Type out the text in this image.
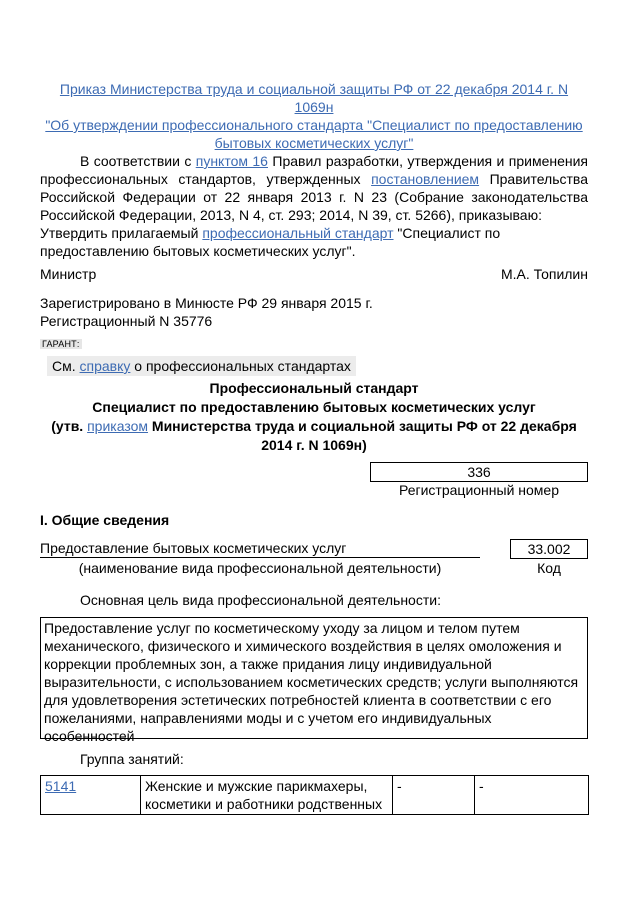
Приказ Министерства труда и социальной защиты РФ от 22 декабря 2014 г. N 1069н
"Об утверждении профессионального стандарта "Специалист по предоставлению
бытовых косметических услуг"
В соответствии с пунктом 16 Правил разработки, утверждения и применения профессиональных стандартов, утвержденных постановлением Правительства Российской Федерации от 22 января 2013 г. N 23 (Собрание законодательства Российской Федерации, 2013, N 4, ст. 293; 2014, N 39, ст. 5266), приказываю:
Утвердить прилагаемый профессиональный стандарт "Специалист по предоставлению бытовых косметических услуг".
Министр	М.А. Топилин
Зарегистрировано в Минюсте РФ 29 января 2015 г.
Регистрационный N 35776
ГАРАНТ:
См. справку о профессиональных стандартах
Профессиональный стандарт
Специалист по предоставлению бытовых косметических услуг
(утв. приказом Министерства труда и социальной защиты РФ от 22 декабря
2014 г. N 1069н)
336
Регистрационный номер
I. Общие сведения
Предоставление бытовых косметических услуг	33.002
(наименование вида профессиональной деятельности)	Код
Основная цель вида профессиональной деятельности:
Предоставление услуг по косметическому уходу за лицом и телом путем механического, физического и химического воздействия в целях омоложения и коррекции проблемных зон, а также придания лицу индивидуальной выразительности, с использованием косметических средств; услуги выполняются для удовлетворения эстетических потребностей клиента в соответствии с его пожеланиями, направлениями моды и с учетом его индивидуальных особенностей
Группа занятий:
5141	Женские и мужские парикмахеры, косметики и работники родственных	-	-
